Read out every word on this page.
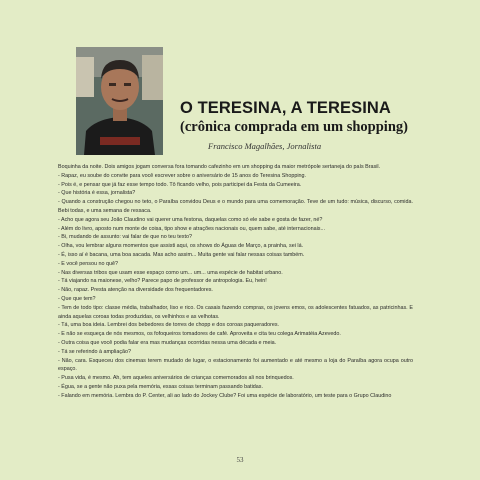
O TERESINA, A TERESINA
(crônica comprada em um shopping)
Francisco Magalhães, Jornalista

Boquinha da noite. Dois amigos jogam conversa fora tomando cafezinho em um shopping da maior metrópole sertaneja do país Brasil.

- Rapaz, eu soube do convite para você escrever sobre o aniversário de 15 anos do Teresina Shopping.

- Pois é, e pensar que já faz esse tempo todo. Tô ficando velho, pois participei da Festa da Cumeeira.

- Que história é essa, jornalista?

- Quando a construção chegou no teto, o Paraíba convidou Deus e o mundo para uma comemoração. Teve de um tudo: música, discurso, comida. Bebi todas, e uma semana de ressaca.

- Acho que agora seu João Claudino vai querer uma festona, daquelas como só ele sabe e gosta de fazer, né?

- Além do livro, aposto num monte de coisa, tipo show e atrações nacionais ou, quem sabe, até internacionais...

- Bi, mudando de assunto: vai falar de que no teu texto?

- Olha, vou lembrar alguns momentos que assisti aqui, os shows do Águas de Março, a prainha, sei lá.

- É, isso aí é bacana, uma boa sacada. Mas acho assim... Muita gente vai falar nessas coisas também.

- E você pensou no quê?

- Nas diversas tribos que usam esse espaço como um... um... uma espécie de habitat urbano.

- Tá viajando na maionese, velho? Parece papo de professor de antropologia. Eu, hein!

- Não, rapaz. Presta atenção na diversidade dos frequentadores.

- Que que tem?

- Tem de todo tipo: classe média, trabalhador, liso e rico. Os casais fazendo compras, os jovens emos, os adolescentes fatuados, as patricinhas. E ainda aquelas coroas todas produzidas, os velhinhos e as velhotas.

- Tá, uma boa ideia. Lembrei dos bebedores de torres de chopp e dos coroas paqueradores.

- E não se esqueça de nós mesmos, os fofoqueiros tomadores de café. Aproveita e cita teu colega Arimatéia Azevedo.

- Outra coisa que você podia falar era mas mudanças ocorridas nessa uma década e meia.

- Tá se referindo à ampliação?

- Não, cara. Esqueceu dos cinemas terem mudado de lugar, o estacionamento foi aumentado e até mesmo a loja do Paraíba agora ocupa outro espaço.

- Pusa vida, é mesmo. Ah, tem aqueles aniversários de crianças comemorados ali nos brinquedos.

- Égua, se a gente não puxa pela memória, essas coisas terminam passando batidas.

- Falando em memória. Lembra do P. Center, ali ao lado do Jockey Clube? Foi uma espécie de laboratório, um teste para o Grupo Claudino

53
